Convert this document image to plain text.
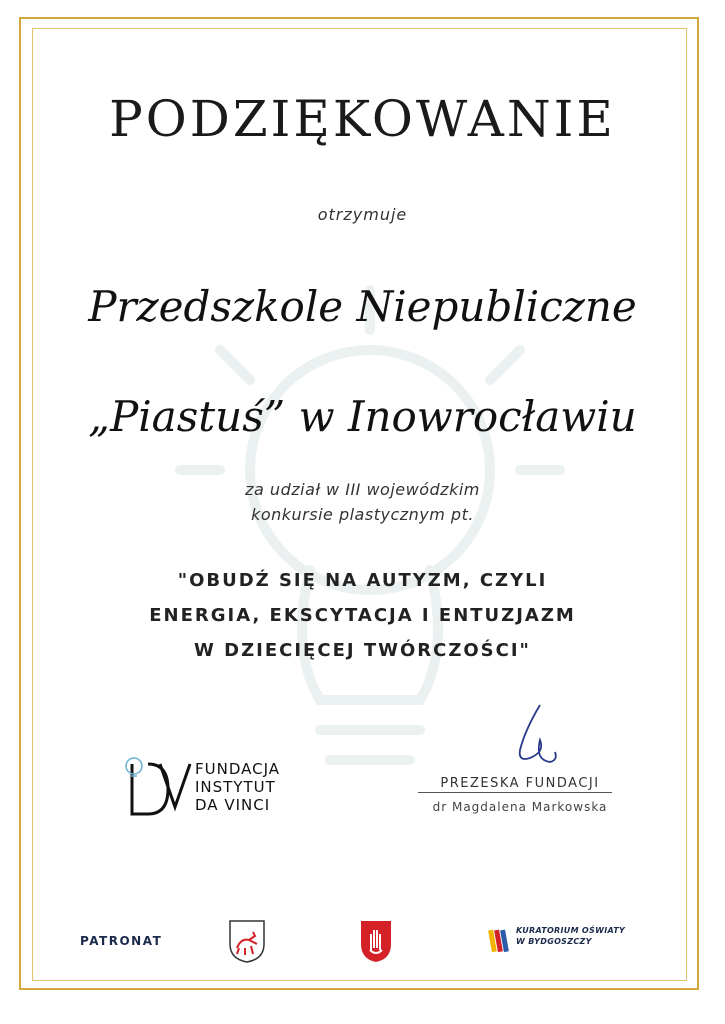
PODZIĘKOWANIE
otrzymuje
Przedszkole Niepubliczne
„Piastuś” w Inowrocławiu
za udział w III wojewódzkim
konkursie plastycznym pt.
"OBUDŹ SIĘ NA AUTYZM, CZYLI
ENERGIA, EKSCYTACJA I ENTUZJAZM
W DZIECIĘCEJ TWÓRCZOŚCI"
FUNDACJA
INSTYTUT
DA VINCI
PREZESKA FUNDACJI
dr Magdalena Markowska
PATRONAT
KURATORIUM OŚWIATY
W BYDGOSZCZY
